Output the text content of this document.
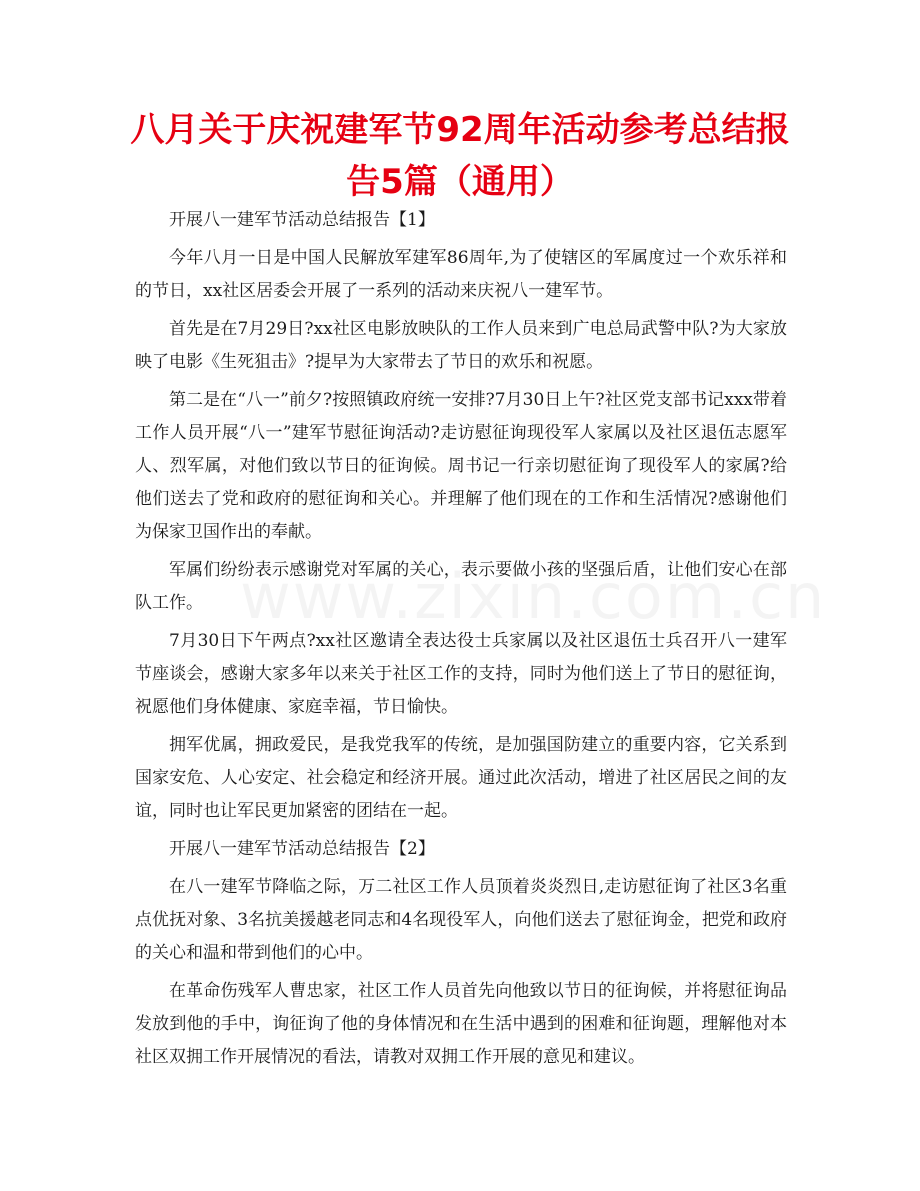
八月关于庆祝建军节92周年活动参考总结报告5篇（通用）

开展八一建军节活动总结报告【1】

今年八月一日是中国人民解放军建军86周年,为了使辖区的军属度过一个欢乐祥和的节日，xx社区居委会开展了一系列的活动来庆祝八一建军节。

首先是在7月29日?xx社区电影放映队的工作人员来到广电总局武警中队?为大家放映了电影《生死狙击》?提早为大家带去了节日的欢乐和祝愿。

第二是在“八一”前夕?按照镇政府统一安排?7月30日上午?社区党支部书记xxx带着工作人员开展“八一”建军节慰征询活动?走访慰征询现役军人家属以及社区退伍志愿军人、烈军属，对他们致以节日的征询候。周书记一行亲切慰征询了现役军人的家属?给他们送去了党和政府的慰征询和关心。并理解了他们现在的工作和生活情况?感谢他们为保家卫国作出的奉献。

军属们纷纷表示感谢党对军属的关心，表示要做小孩的坚强后盾，让他们安心在部队工作。

7月30日下午两点?xx社区邀请全表达役士兵家属以及社区退伍士兵召开八一建军节座谈会，感谢大家多年以来关于社区工作的支持，同时为他们送上了节日的慰征询，祝愿他们身体健康、家庭幸福，节日愉快。

拥军优属，拥政爱民，是我党我军的传统，是加强国防建立的重要内容，它关系到国家安危、人心安定、社会稳定和经济开展。通过此次活动，增进了社区居民之间的友谊，同时也让军民更加紧密的团结在一起。

开展八一建军节活动总结报告【2】

在八一建军节降临之际，万二社区工作人员顶着炎炎烈日,走访慰征询了社区3名重点优抚对象、3名抗美援越老同志和4名现役军人，向他们送去了慰征询金，把党和政府的关心和温和带到他们的心中。

在革命伤残军人曹忠家，社区工作人员首先向他致以节日的征询候，并将慰征询品发放到他的手中，询征询了他的身体情况和在生活中遇到的困难和征询题，理解他对本社区双拥工作开展情况的看法，请教对双拥工作开展的意见和建议。
